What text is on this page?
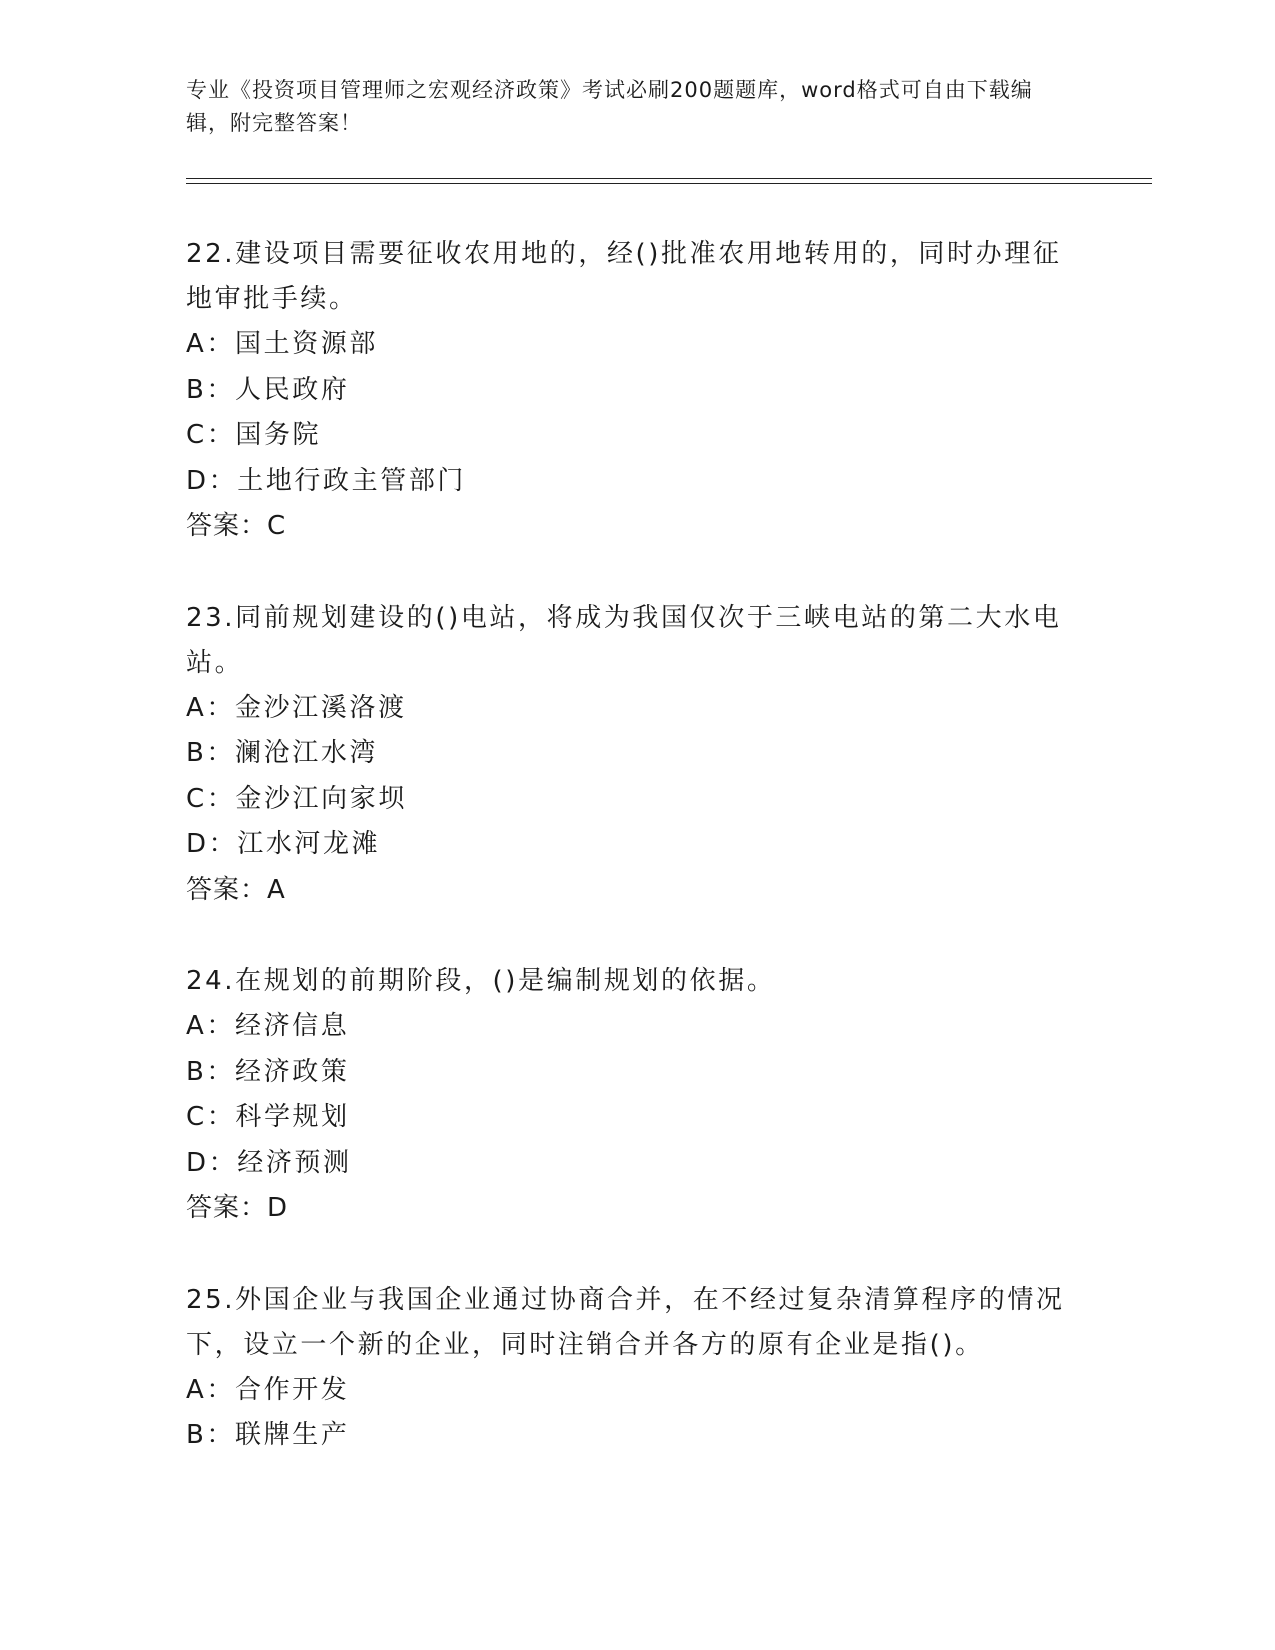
专业《投资项目管理师之宏观经济政策》考试必刷200题题库，word格式可自由下载编辑，附完整答案！

22.建设项目需要征收农用地的，经()批准农用地转用的，同时办理征地审批手续。

A：国土资源部

B：人民政府

C：国务院

D：土地行政主管部门

答案：C

23.同前规划建设的()电站，将成为我国仅次于三峡电站的第二大水电站。

A：金沙江溪洛渡

B：澜沧江水湾

C：金沙江向家坝

D：江水河龙滩

答案：A

24.在规划的前期阶段，()是编制规划的依据。

A：经济信息

B：经济政策

C：科学规划

D：经济预测

答案：D

25.外国企业与我国企业通过协商合并，在不经过复杂清算程序的情况下，设立一个新的企业，同时注销合并各方的原有企业是指()。

A：合作开发

B：联牌生产
